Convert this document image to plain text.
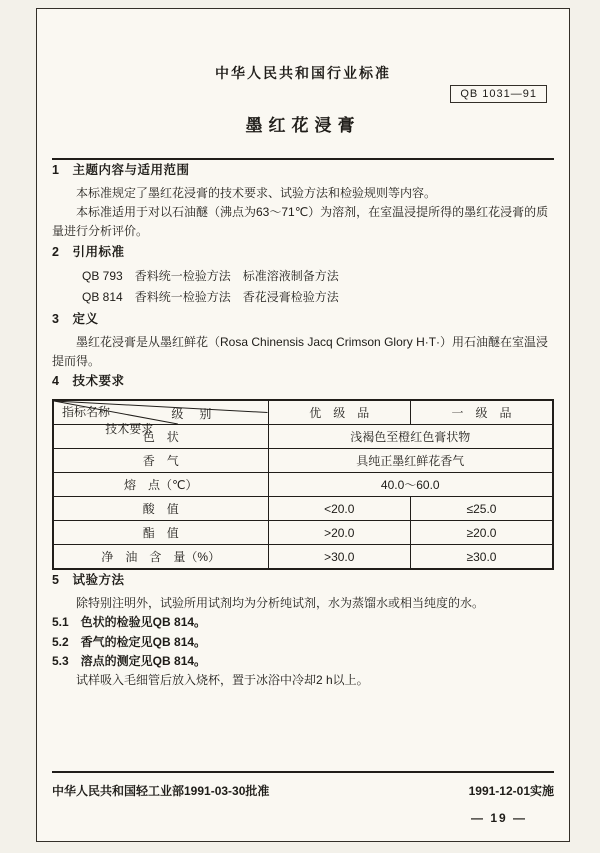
中华人民共和国行业标准
QB 1031—91
墨红花浸膏
1　主题内容与适用范围

本标准规定了墨红花浸膏的技术要求、试验方法和检验规则等内容。

本标准适用于对以石油醚（沸点为63～71℃）为溶剂，在室温浸提所得的墨红花浸膏的质量进行分析评价。

2　引用标准
QB 793　香料统一检验方法　标准溶液制备方法
QB 814　香料统一检验方法　香花浸膏检验方法
3　定义

墨红花浸膏是从墨红鲜花（Rosa Chinensis Jacq Crimson Glory H·T·）用石油醚在室温浸提而得。

4　技术要求
级　别
技术要求
指标名称	优　级　品	一　级　品
色　状	浅褐色至橙红色膏状物	
香　气	具纯正墨红鲜花香气	
熔　点（℃）	40.0～60.0	
酸　值	<20.0	≤25.0
酯　值	>20.0	≥20.0
净　油　含　量（%）	>30.0	≥30.0
5　试验方法

除特别注明外，试验所用试剂均为分析纯试剂，水为蒸馏水或相当纯度的水。

5.1　色状的检验见QB 814。

5.2　香气的检定见QB 814。

5.3　溶点的测定见QB 814。

试样吸入毛细管后放入烧杯，置于冰浴中冷却2 h以上。

中华人民共和国轻工业部1991-03-30批准	1991-12-01实施
— 19 —
